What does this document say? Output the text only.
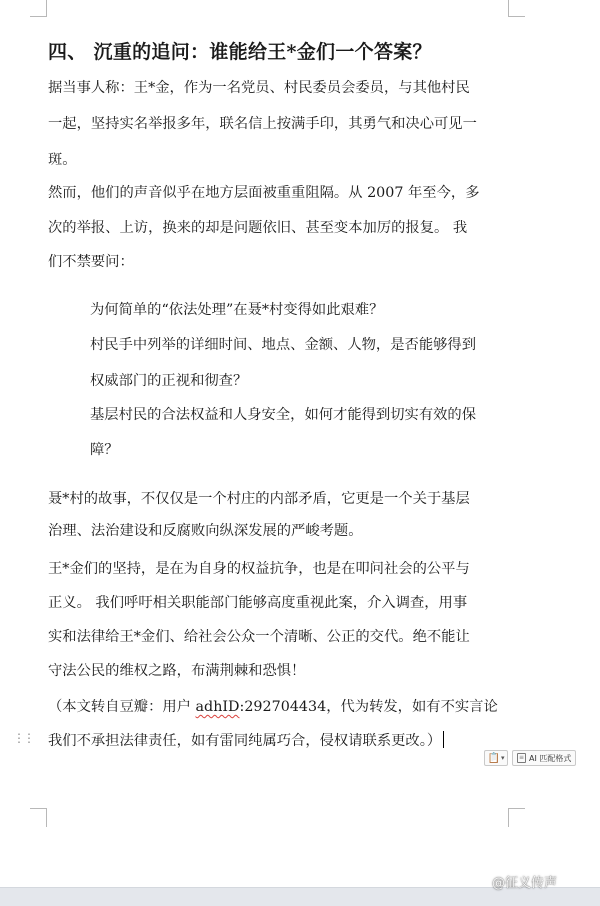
四、 沉重的追问：谁能给王*金们一个答案？
据当事人称：王*金，作为一名党员、村民委员会委员，与其他村民
一起，坚持实名举报多年，联名信上按满手印，其勇气和决心可见一
斑。
然而，他们的声音似乎在地方层面被重重阻隔。从 2007 年至今，多
次的举报、上访，换来的却是问题依旧、甚至变本加厉的报复。 我
们不禁要问：
为何简单的“依法处理”在聂*村变得如此艰难？
村民手中列举的详细时间、地点、金额、人物，是否能够得到
权威部门的正视和彻查？
基层村民的合法权益和人身安全，如何才能得到切实有效的保
障？
聂*村的故事，不仅仅是一个村庄的内部矛盾，它更是一个关于基层
治理、法治建设和反腐败向纵深发展的严峻考题。
王*金们的坚持，是在为自身的权益抗争，也是在叩问社会的公平与
正义。 我们呼吁相关职能部门能够高度重视此案，介入调查，用事
实和法律给王*金们、给社会公众一个清晰、公正的交代。绝不能让
守法公民的维权之路，布满荆棘和恐惧！
（本文转自豆瓣：用户 adhID:292704434，代为转发，如有不实言论
我们不承担法律责任，如有雷同纯属巧合，侵权请联系更改。）
⋮⋮
📋 ▾	≡ AI 匹配格式
@征义传声
